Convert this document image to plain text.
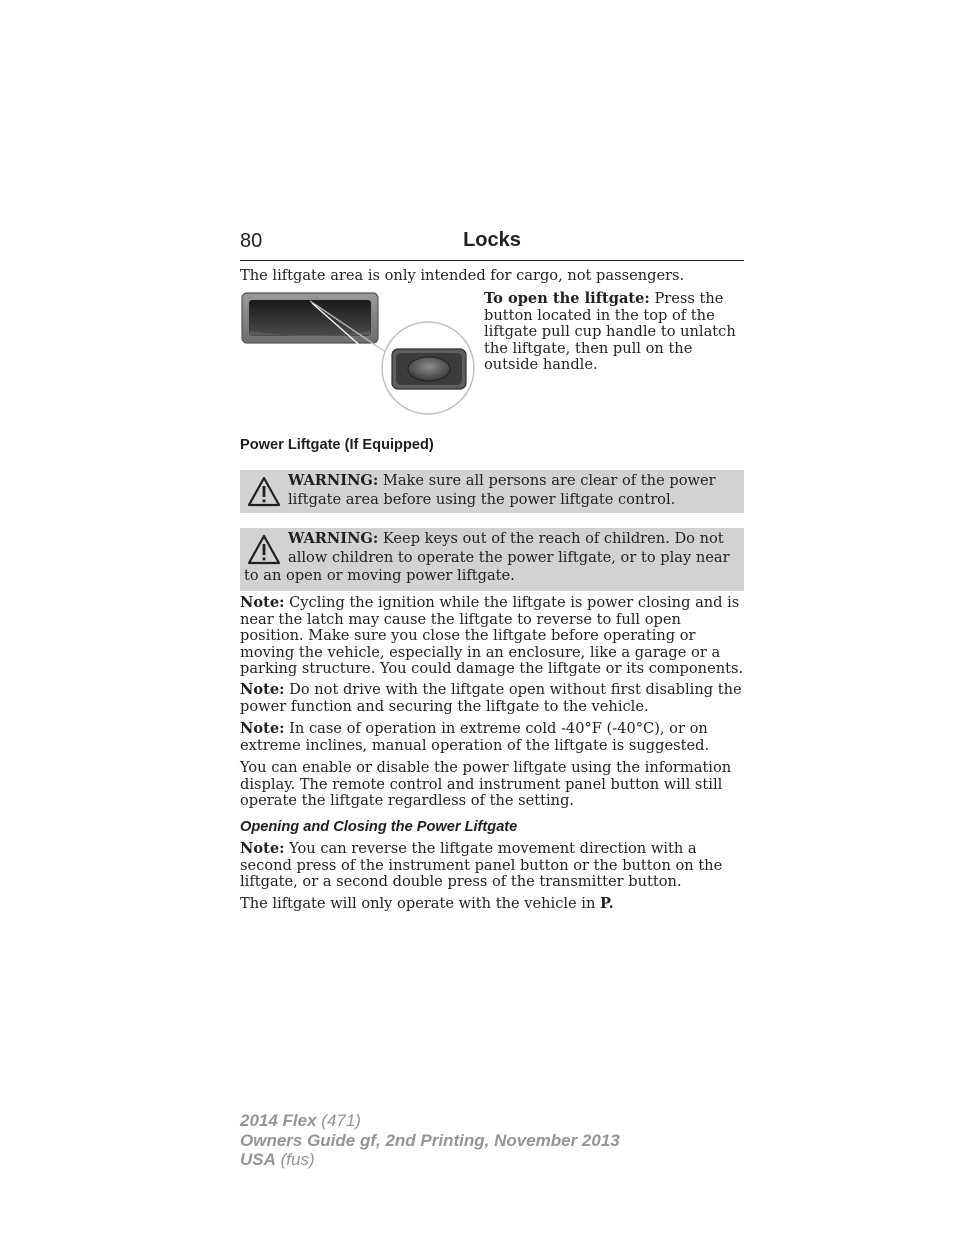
80	Locks

The liftgate area is only intended for cargo, not passengers.

To open the liftgate: Press the button located in the top of the liftgate pull cup handle to unlatch the liftgate, then pull on the outside handle.
Power Liftgate (If Equipped)
WARNING: Make sure all persons are clear of the power liftgate area before using the power liftgate control.
WARNING: Keep keys out of the reach of children. Do not allow children to operate the power liftgate, or to play near to an open or moving power liftgate.

Note: Cycling the ignition while the liftgate is power closing and is near the latch may cause the liftgate to reverse to full open position. Make sure you close the liftgate before operating or moving the vehicle, especially in an enclosure, like a garage or a parking structure. You could damage the liftgate or its components.

Note: Do not drive with the liftgate open without first disabling the power function and securing the liftgate to the vehicle.

Note: In case of operation in extreme cold -40°F (-40°C), or on extreme inclines, manual operation of the liftgate is suggested.

You can enable or disable the power liftgate using the information display. The remote control and instrument panel button will still operate the liftgate regardless of the setting.

Opening and Closing the Power Liftgate

Note: You can reverse the liftgate movement direction with a second press of the instrument panel button or the button on the liftgate, or a second double press of the transmitter button.

The liftgate will only operate with the vehicle in P.

2014 Flex (471)
Owners Guide gf, 2nd Printing, November 2013
USA (fus)
